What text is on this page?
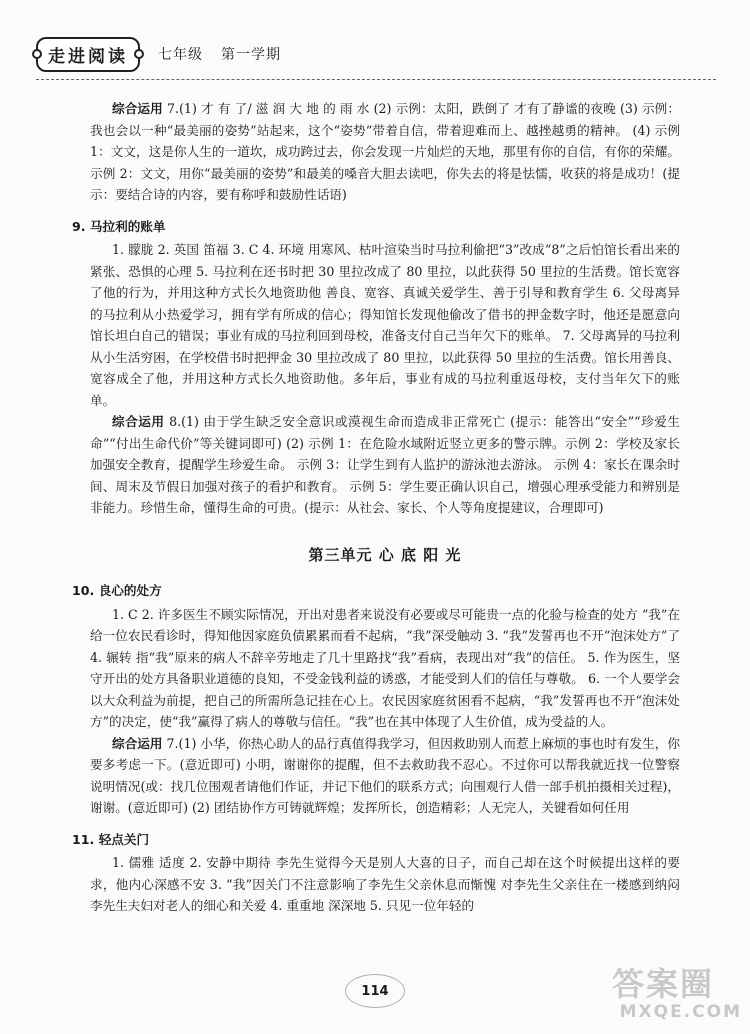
走进阅读	七年级 第一学期

综合运用 7.(1) 才 有 了/ 滋 润 大 地 的 雨 水 (2) 示例：太阳，跌倒了 才有了静谧的夜晚 (3) 示例：我也会以一种“最美丽的姿势”站起来，这个“姿势”带着自信，带着迎难而上、越挫越勇的精神。 (4) 示例 1：文文，这是你人生的一道坎，成功跨过去，你会发现一片灿烂的天地，那里有你的自信，有你的荣耀。 示例 2：文文，用你“最美丽的姿势”和最美的嗓音大胆去读吧，你失去的将是怯懦，收获的将是成功！(提示：要结合诗的内容，要有称呼和鼓励性话语)

9. 马拉利的账单

1. 朦胧 2. 英国 笛福 3. C 4. 环境 用寒风、枯叶渲染当时马拉利偷把“3”改成“8”之后怕馆长看出来的紧张、恐惧的心理 5. 马拉利在还书时把 30 里拉改成了 80 里拉，以此获得 50 里拉的生活费。馆长宽容了他的行为，并用这种方式长久地资助他 善良、宽容、真诚关爱学生、善于引导和教育学生 6. 父母离异的马拉利从小热爱学习，拥有学有所成的信心；得知馆长发现他偷改了借书的押金数字时，他还是愿意向馆长坦白自己的错误；事业有成的马拉利回到母校，准备支付自己当年欠下的账单。 7. 父母离异的马拉利从小生活穷困，在学校借书时把押金 30 里拉改成了 80 里拉，以此获得 50 里拉的生活费。馆长用善良、宽容成全了他，并用这种方式长久地资助他。多年后，事业有成的马拉利重返母校，支付当年欠下的账单。

综合运用 8.(1) 由于学生缺乏安全意识或漠视生命而造成非正常死亡 (提示：能答出“安全”“珍爱生命”“付出生命代价”等关键词即可) (2) 示例 1：在危险水域附近竖立更多的警示牌。示例 2：学校及家长加强安全教育，提醒学生珍爱生命。 示例 3：让学生到有人监护的游泳池去游泳。 示例 4：家长在课余时间、周末及节假日加强对孩子的看护和教育。 示例 5：学生要正确认识自己，增强心理承受能力和辨别是非能力。珍惜生命，懂得生命的可贵。(提示：从社会、家长、个人等角度提建议，合理即可)

第三单元 心 底 阳 光
10. 良心的处方

1. C 2. 许多医生不顾实际情况，开出对患者来说没有必要或尽可能贵一点的化验与检查的处方 “我”在给一位农民看诊时，得知他因家庭负债累累而看不起病，“我”深受触动 3. “我”发誓再也不开“泡沫处方”了 4. 辗转 指“我”原来的病人不辞辛劳地走了几十里路找“我”看病，表现出对“我”的信任。 5. 作为医生，坚守开出的处方具备职业道德的良知，不受金钱利益的诱惑，才能受到人们的信任与尊敬。 6. 一个人要学会以大众利益为前提，把自己的所需所急记挂在心上。农民因家庭贫困看不起病，“我”发誓再也不开“泡沫处方”的决定，使“我”赢得了病人的尊敬与信任。“我”也在其中体现了人生价值，成为受益的人。

综合运用 7.(1) 小华，你热心助人的品行真值得我学习，但因救助别人而惹上麻烦的事也时有发生，你要多考虑一下。(意近即可) 小明，谢谢你的提醒，但不去救助我不忍心。不过你可以帮我就近找一位警察说明情况(或：找几位围观者请他们作证，并记下他们的联系方式；向围观行人借一部手机拍摄相关过程)，谢谢。(意近即可) (2) 团结协作方可铸就辉煌；发挥所长，创造精彩；人无完人，关键看如何任用

11. 轻点关门

1. 儒雅 适度 2. 安静中期待 李先生觉得今天是别人大喜的日子，而自己却在这个时候提出这样的要求，他内心深感不安 3. “我”因关门不注意影响了李先生父亲休息而惭愧 对李先生父亲住在一楼感到纳闷 李先生夫妇对老人的细心和关爱 4. 重重地 深深地 5. 只见一位年轻的

114	答案圈
MXQE.COM
